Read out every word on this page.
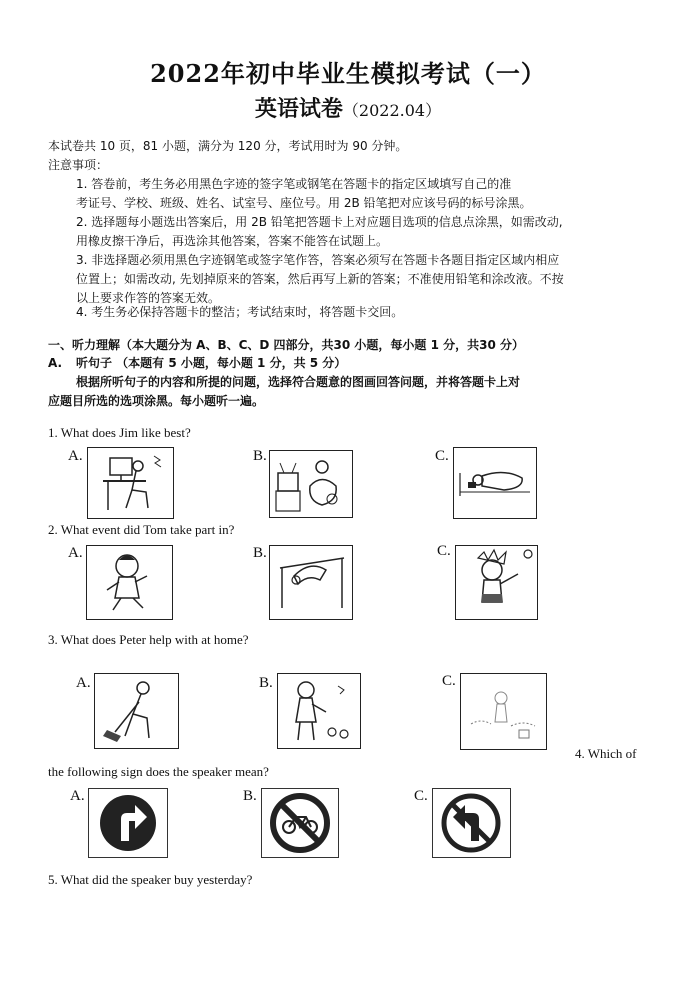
2022年初中毕业生模拟考试（一）
英语试卷（2022.04）
本试卷共 10 页，81 小题，满分为 120 分，考试用时为 90 分钟。
注意事项：
1. 答卷前，考生务必用黑色字迹的签字笔或钢笔在答题卡的指定区域填写自己的准
考证号、学校、班级、姓名、试室号、座位号。用 2B 铅笔把对应该号码的标号涂黑。
2. 选择题每小题选出答案后，用 2B 铅笔把答题卡上对应题目选项的信息点涂黑，如需改动,
用橡皮擦干净后，再选涂其他答案，答案不能答在试题上。
3. 非选择题必须用黑色字迹钢笔或签字笔作答，答案必须写在答题卡各题目指定区域内相应
位置上；如需改动, 先划掉原来的答案，然后再写上新的答案；不准使用铅笔和涂改液。不按
以上要求作答的答案无效。
4. 考生务必保持答题卡的整洁；考试结束时，将答题卡交回。
一、听力理解（本大题分为 A、B、C、D 四部分，共30 小题，每小题 1 分，共30 分）
A. 听句子 （本题有 5 小题，每小题 1 分，共 5 分）
根据所听句子的内容和所提的问题，选择符合题意的图画回答问题，并将答题卡上对
应题目所选的选项涂黑。每小题听一遍。
1. What does Jim like best?
A.	B.	C.
2. What event did Tom take part in?
A.	B.	C.
3. What does Peter help with at home?
A.	B.	C.
4. Which of
the following sign does the speaker mean?
A.	B.	C.
5. What did the speaker buy yesterday?
